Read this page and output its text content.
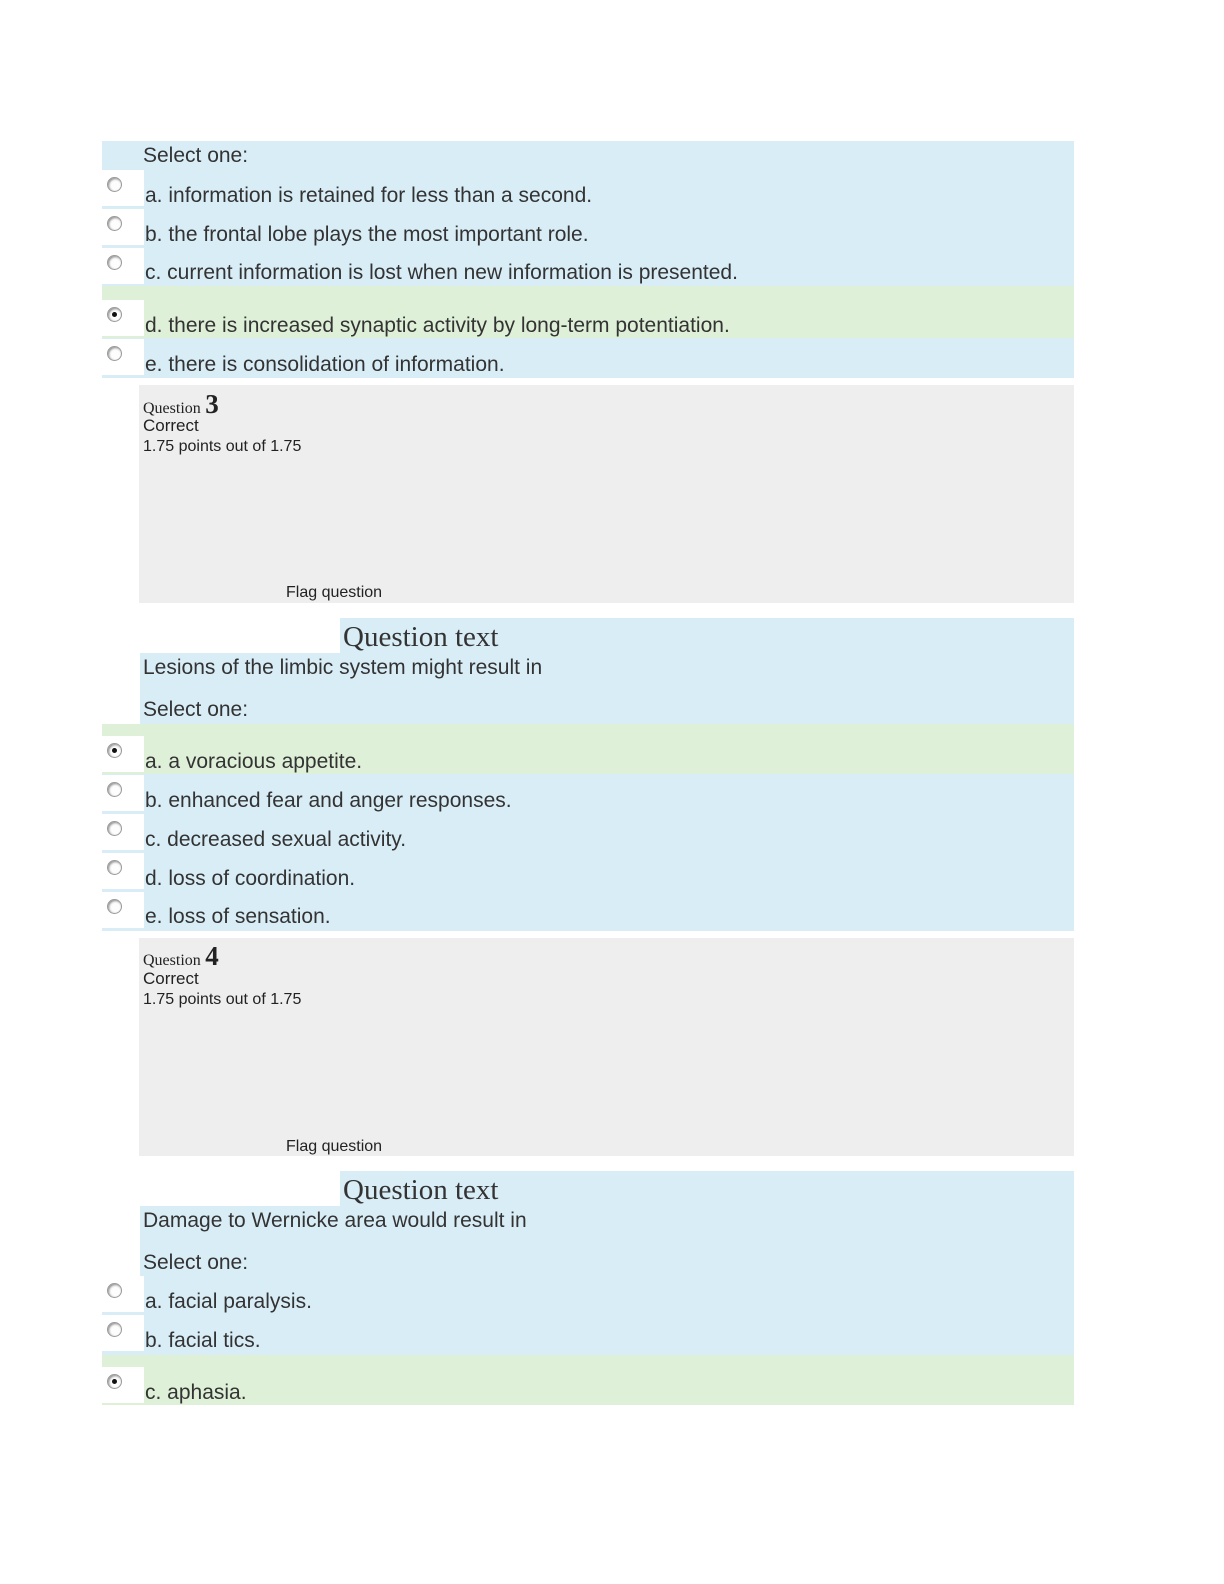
Select one:
a. information is retained for less than a second.
b. the frontal lobe plays the most important role.
c. current information is lost when new information is presented.
d. there is increased synaptic activity by long-term potentiation.
e. there is consolidation of information.
Question 3
Correct
1.75 points out of 1.75
Flag question
Question text
Lesions of the limbic system might result in
Select one:
a. a voracious appetite.
b. enhanced fear and anger responses.
c. decreased sexual activity.
d. loss of coordination.
e. loss of sensation.
Question 4
Correct
1.75 points out of 1.75
Flag question
Question text
Damage to Wernicke area would result in
Select one:
a. facial paralysis.
b. facial tics.
c. aphasia.
